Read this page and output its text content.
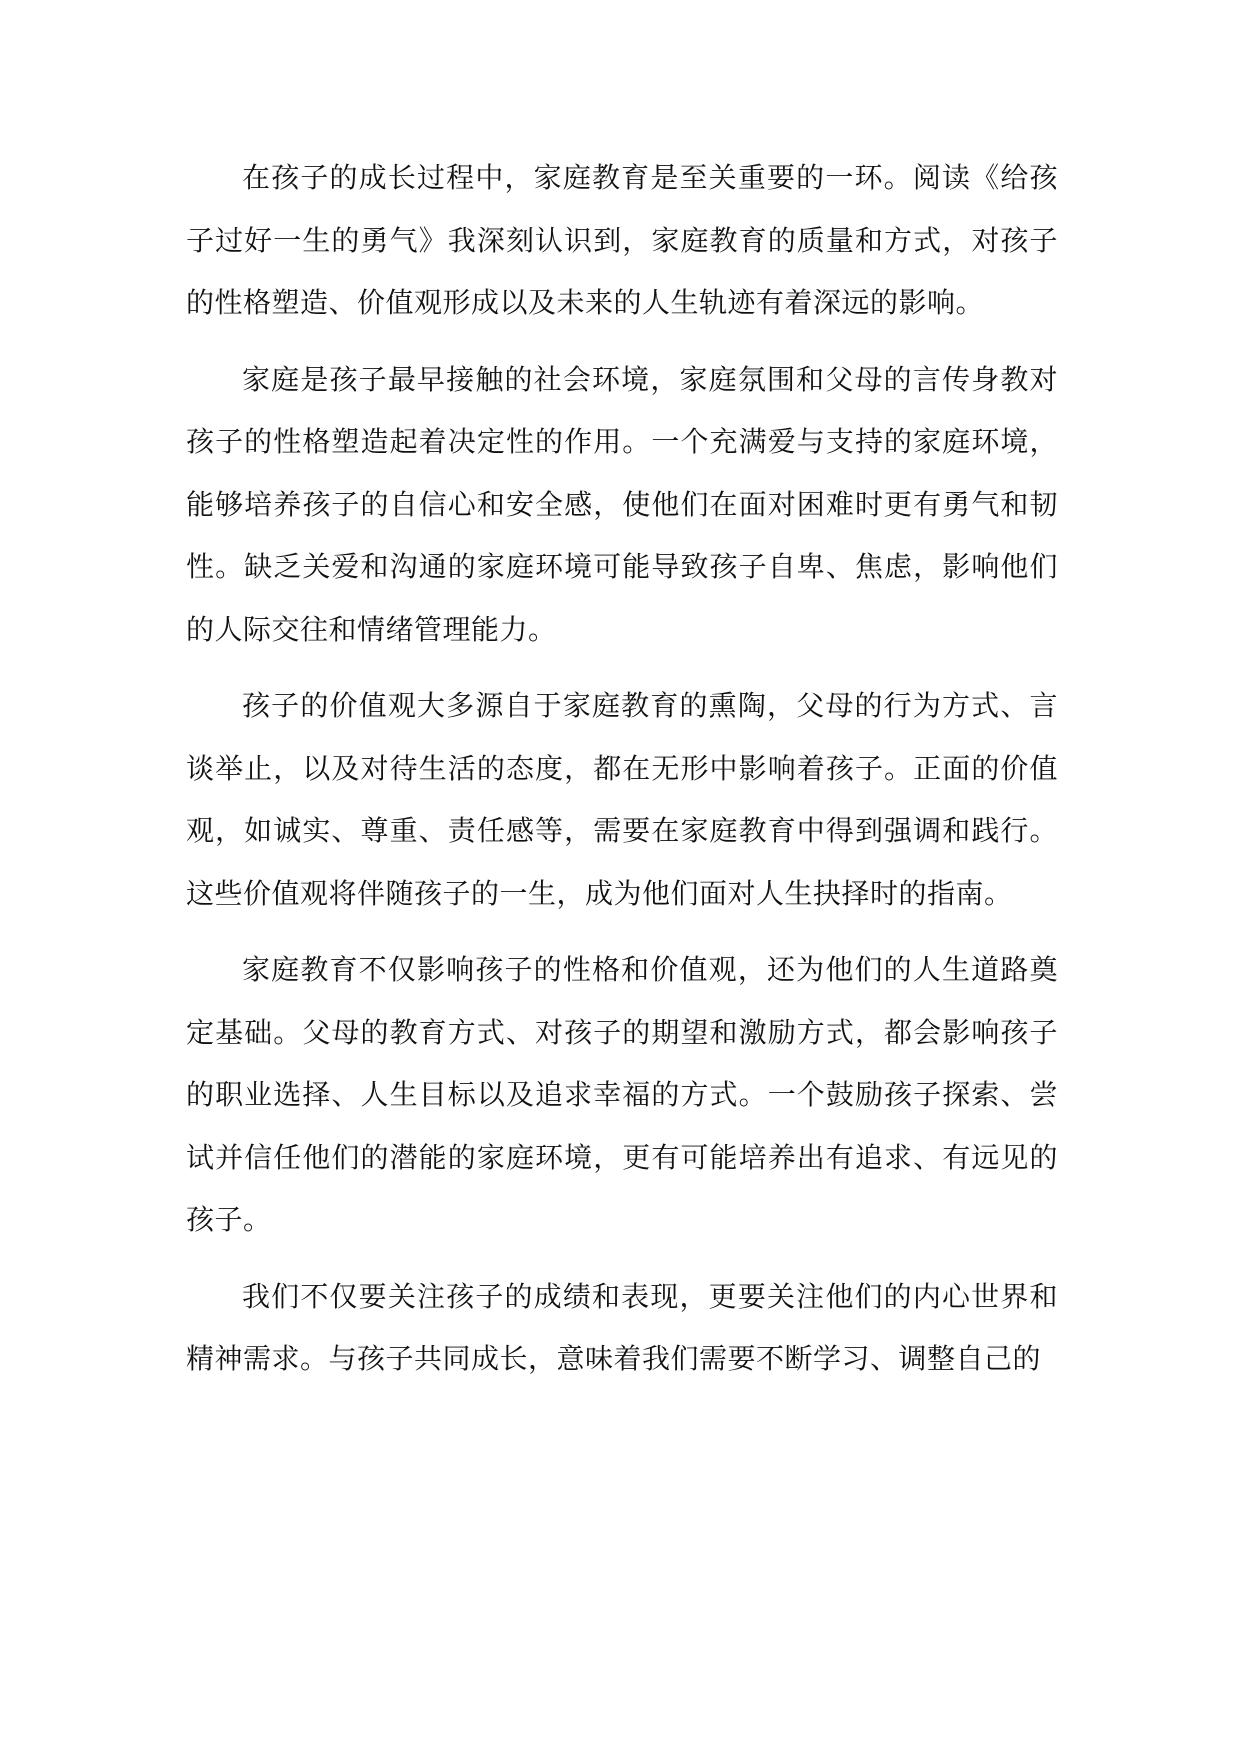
在孩子的成长过程中，家庭教育是至关重要的一环。阅读《给孩子过好一生的勇气》我深刻认识到，家庭教育的质量和方式，对孩子的性格塑造、价值观形成以及未来的人生轨迹有着深远的影响。

家庭是孩子最早接触的社会环境，家庭氛围和父母的言传身教对孩子的性格塑造起着决定性的作用。一个充满爱与支持的家庭环境，能够培养孩子的自信心和安全感，使他们在面对困难时更有勇气和韧性。缺乏关爱和沟通的家庭环境可能导致孩子自卑、焦虑，影响他们的人际交往和情绪管理能力。

孩子的价值观大多源自于家庭教育的熏陶，父母的行为方式、言谈举止，以及对待生活的态度，都在无形中影响着孩子。正面的价值观，如诚实、尊重、责任感等，需要在家庭教育中得到强调和践行。这些价值观将伴随孩子的一生，成为他们面对人生抉择时的指南。

家庭教育不仅影响孩子的性格和价值观，还为他们的人生道路奠定基础。父母的教育方式、对孩子的期望和激励方式，都会影响孩子的职业选择、人生目标以及追求幸福的方式。一个鼓励孩子探索、尝试并信任他们的潜能的家庭环境，更有可能培养出有追求、有远见的孩子。

我们不仅要关注孩子的成绩和表现，更要关注他们的内心世界和精神需求。与孩子共同成长，意味着我们需要不断学习、调整自己的
